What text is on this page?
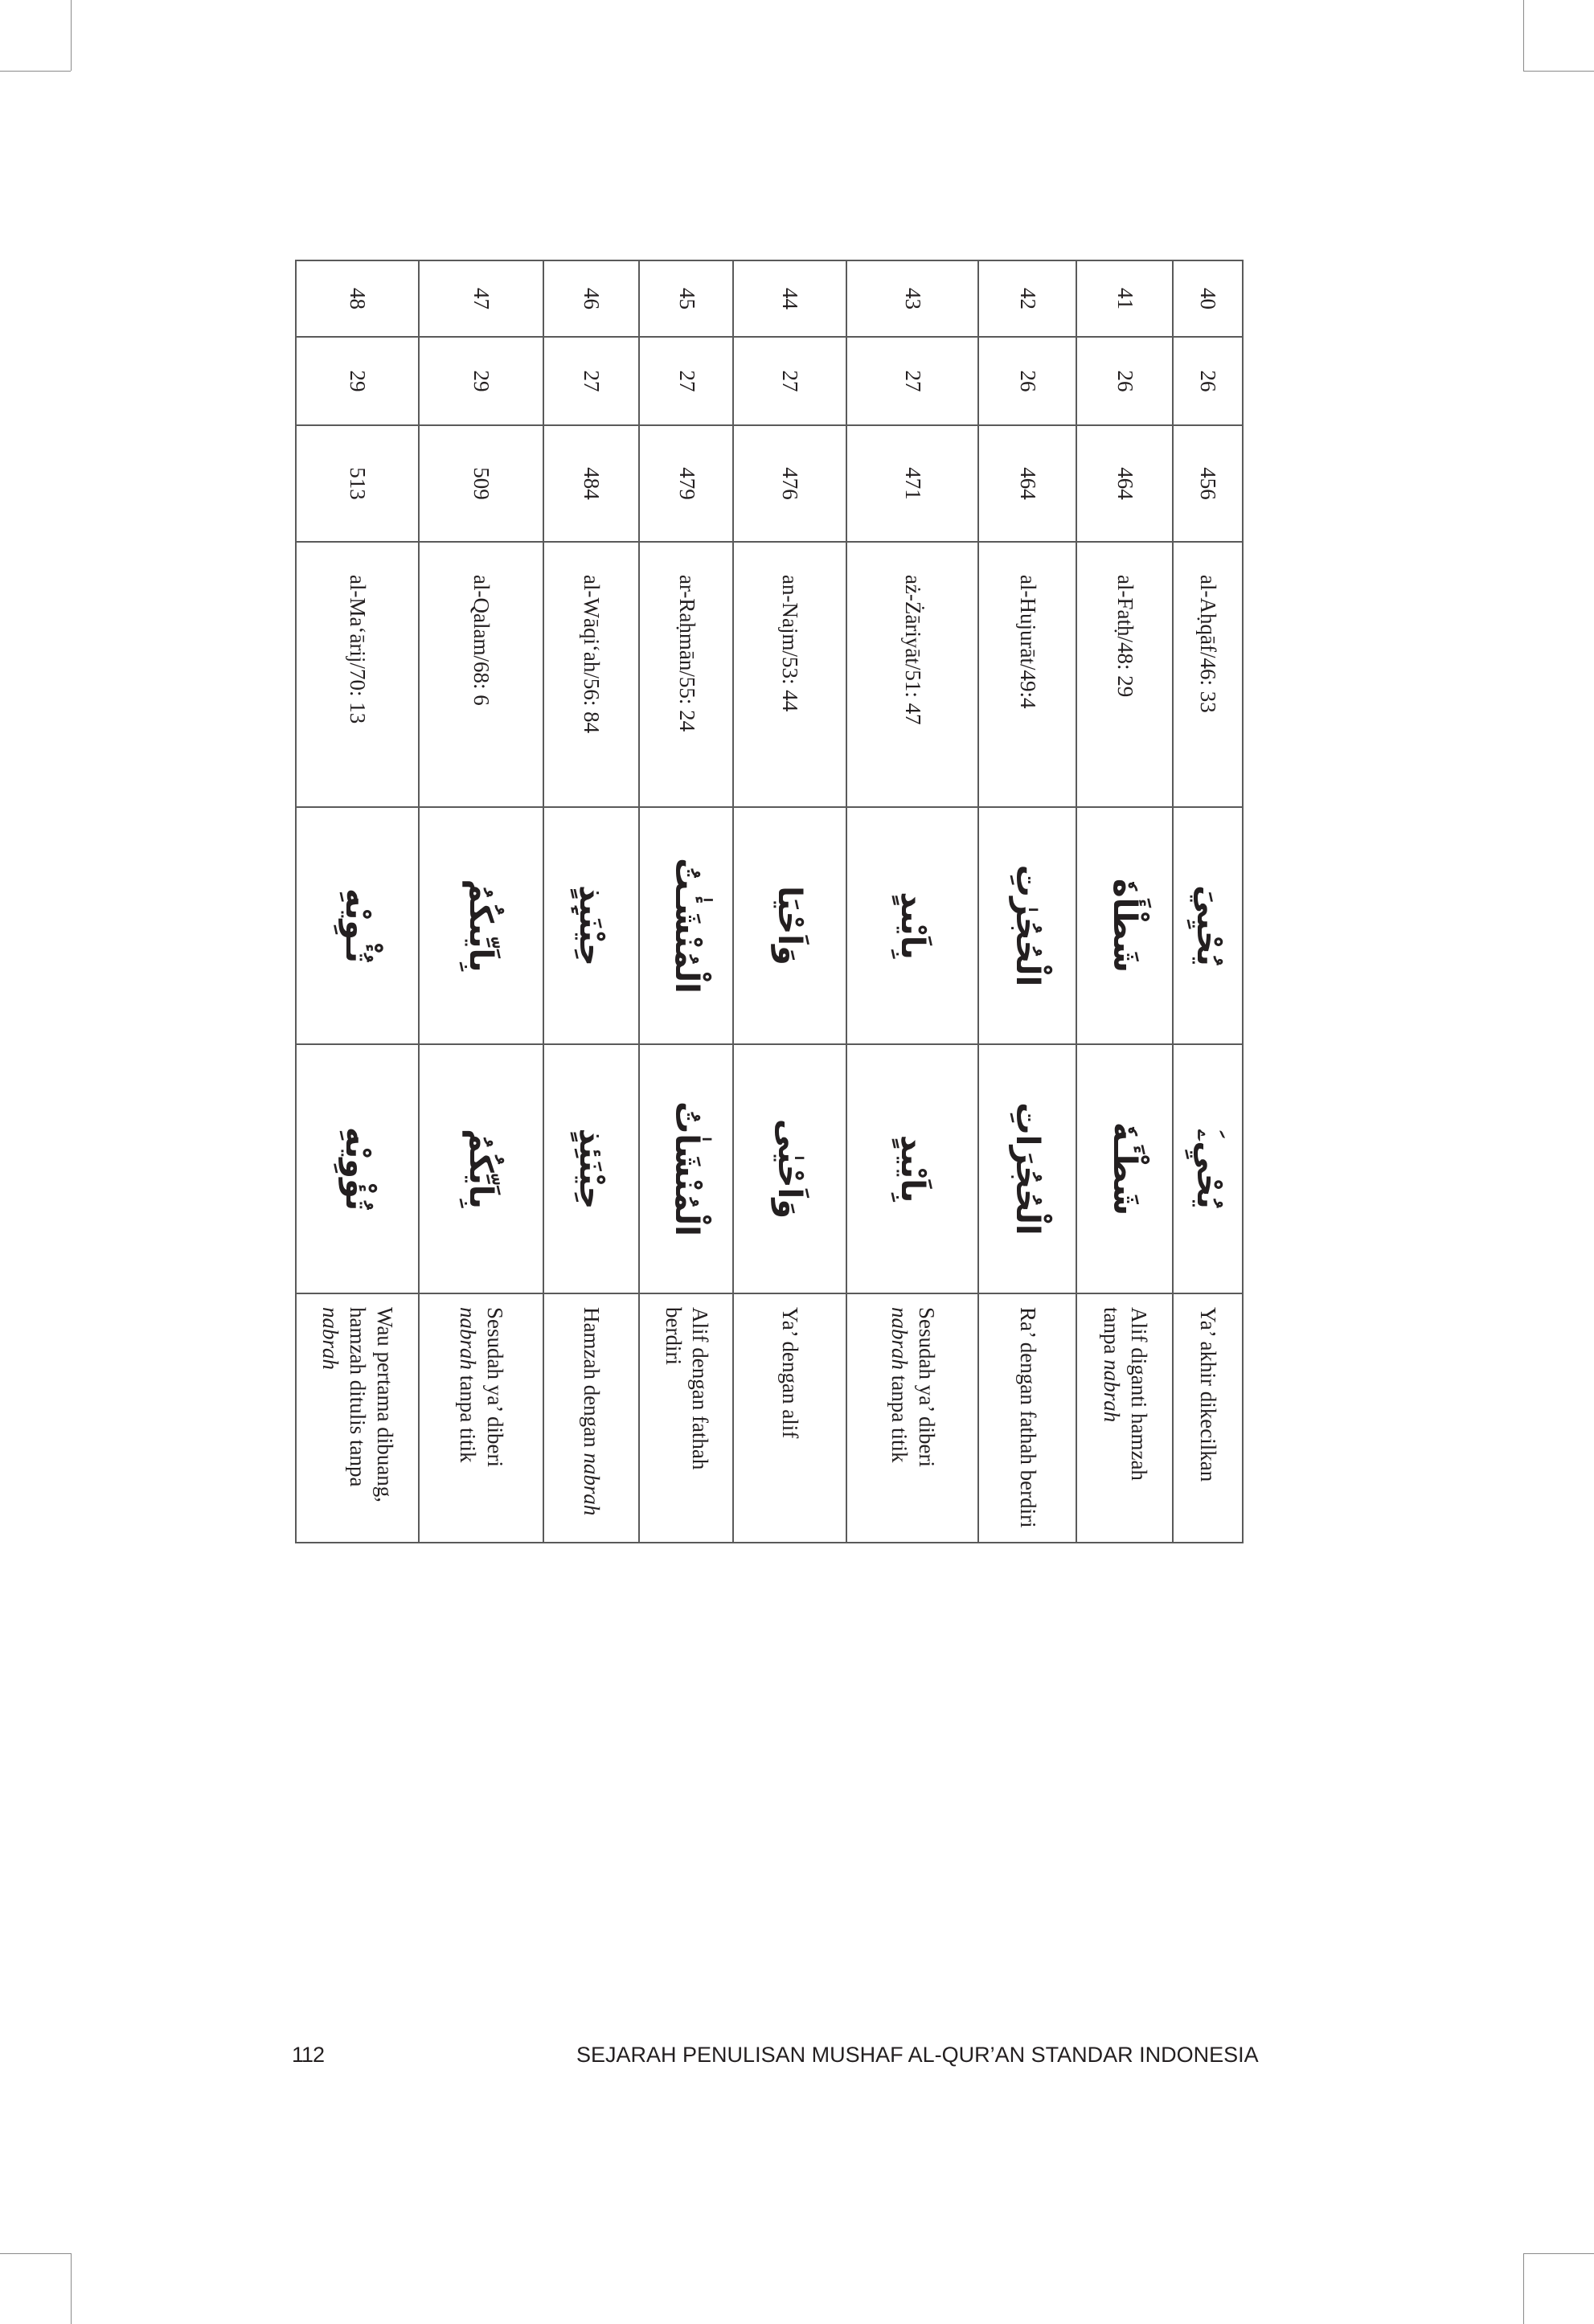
40	26	456	al-Aḥqāf/46: 33	يُحْيِيَ	يُحْيِۦَ	Ya’ akhir dikecilkan
41	26	464	al-Fatḥ/48: 29	شَطْأَهٗ	شَطْـَٔهٗ	Alif diganti hamzah tanpa nabrah
42	26	464	al-Hujurāt/49:4	الْحُجُرٰتِ	الْحُجُرَاتِ	Ra’ dengan fathah berdiri
43	27	471	aż-Żāriyāt/51: 47	بِاَيْىدٍ	بِاَيْيدٍ	Sesudah ya’ diberi nabrah tanpa titik
44	27	476	an-Najm/53: 44	وَاَحْيَا	وَاَحْيٰى	Ya’ dengan alif
45	27	479	ar-Raḥmān/55: 24	الْمُنْشَـٰٔتُ	الْمُنْشَاٰتُ	Alif dengan fathah berdiri
46	27	484	al-Wāqi‘ah/56: 84	حِيْنَىِٕذٍ	حِيْنَئِذٍ	Hamzah dengan nabrah
47	29	509	al-Qalam/68: 6	بِاَيِّىكُمُ	بِاَيِّكُمُ	Sesudah ya’ diberi nabrah tanpa titik
48	29	513	al-Ma‘ārij/70: 13	تُـْٔوِيْهِ	تُؤْوِيْهِ	Wau pertama dibuang, hamzah ditulis tanpa nabrah
112	SEJARAH PENULISAN MUSHAF AL-QUR’AN STANDAR INDONESIA
